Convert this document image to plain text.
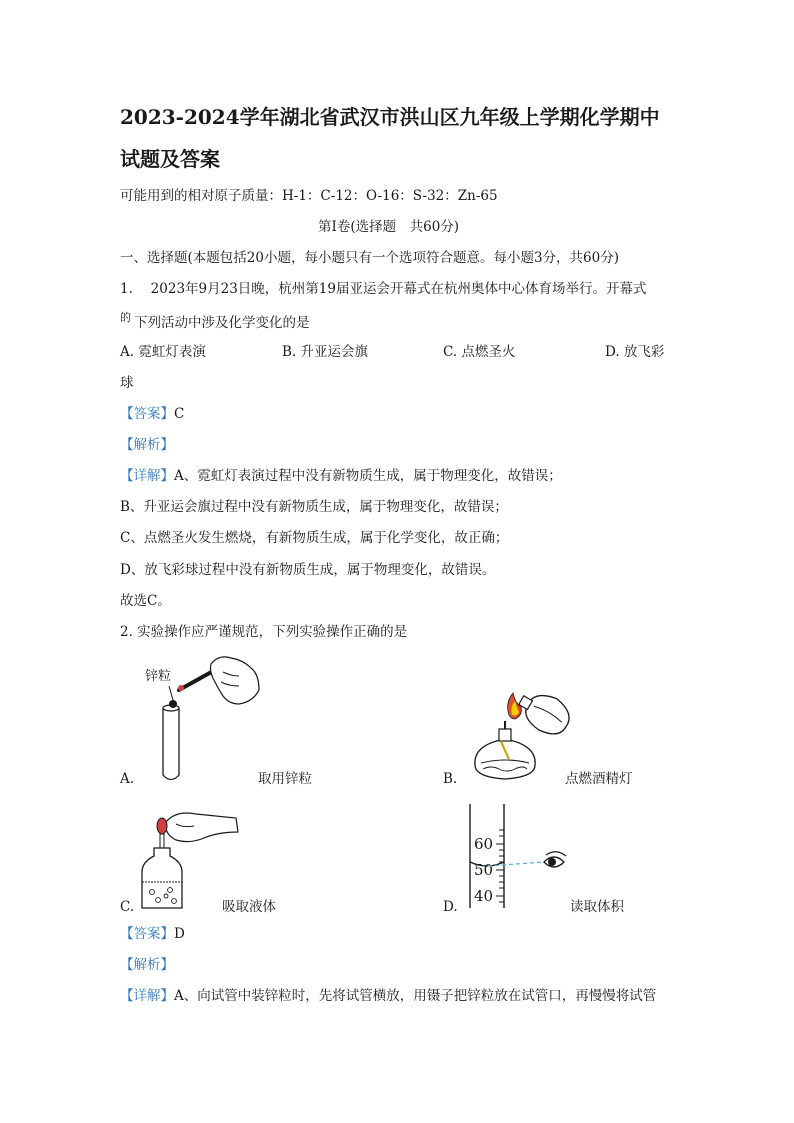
2023-2024学年湖北省武汉市洪山区九年级上学期化学期中
试题及答案
可能用到的相对原子质量：H-1：C-12：O-16：S-32：Zn-65
第Ⅰ卷(选择题　共60分)
一、选择题(本题包括20小题，每小题只有一个选项符合题意。每小题3分，共60分)
1.　 2023年9月23日晚，杭州第19届亚运会开幕式在杭州奥体中心体育场举行。开幕式
的 下列活动中涉及化学变化的是
A. 霓虹灯表演	B. 升亚运会旗	C. 点燃圣火	D. 放飞彩
球
【答案】C
【解析】
【详解】A、霓虹灯表演过程中没有新物质生成，属于物理变化，故错误；
B、升亚运会旗过程中没有新物质生成，属于物理变化，故错误；
C、点燃圣火发生燃烧，有新物质生成，属于化学变化，故正确；
D、放飞彩球过程中没有新物质生成，属于物理变化，故错误。
故选C。
2. 实验操作应严谨规范，下列实验操作正确的是
锌粒
A.	取用锌粒	B.	点燃酒精灯
C.	吸取液体
60
50
40
D.	读取体积
【答案】D
【解析】
【详解】A、向试管中装锌粒时，先将试管横放，用镊子把锌粒放在试管口，再慢慢将试管
